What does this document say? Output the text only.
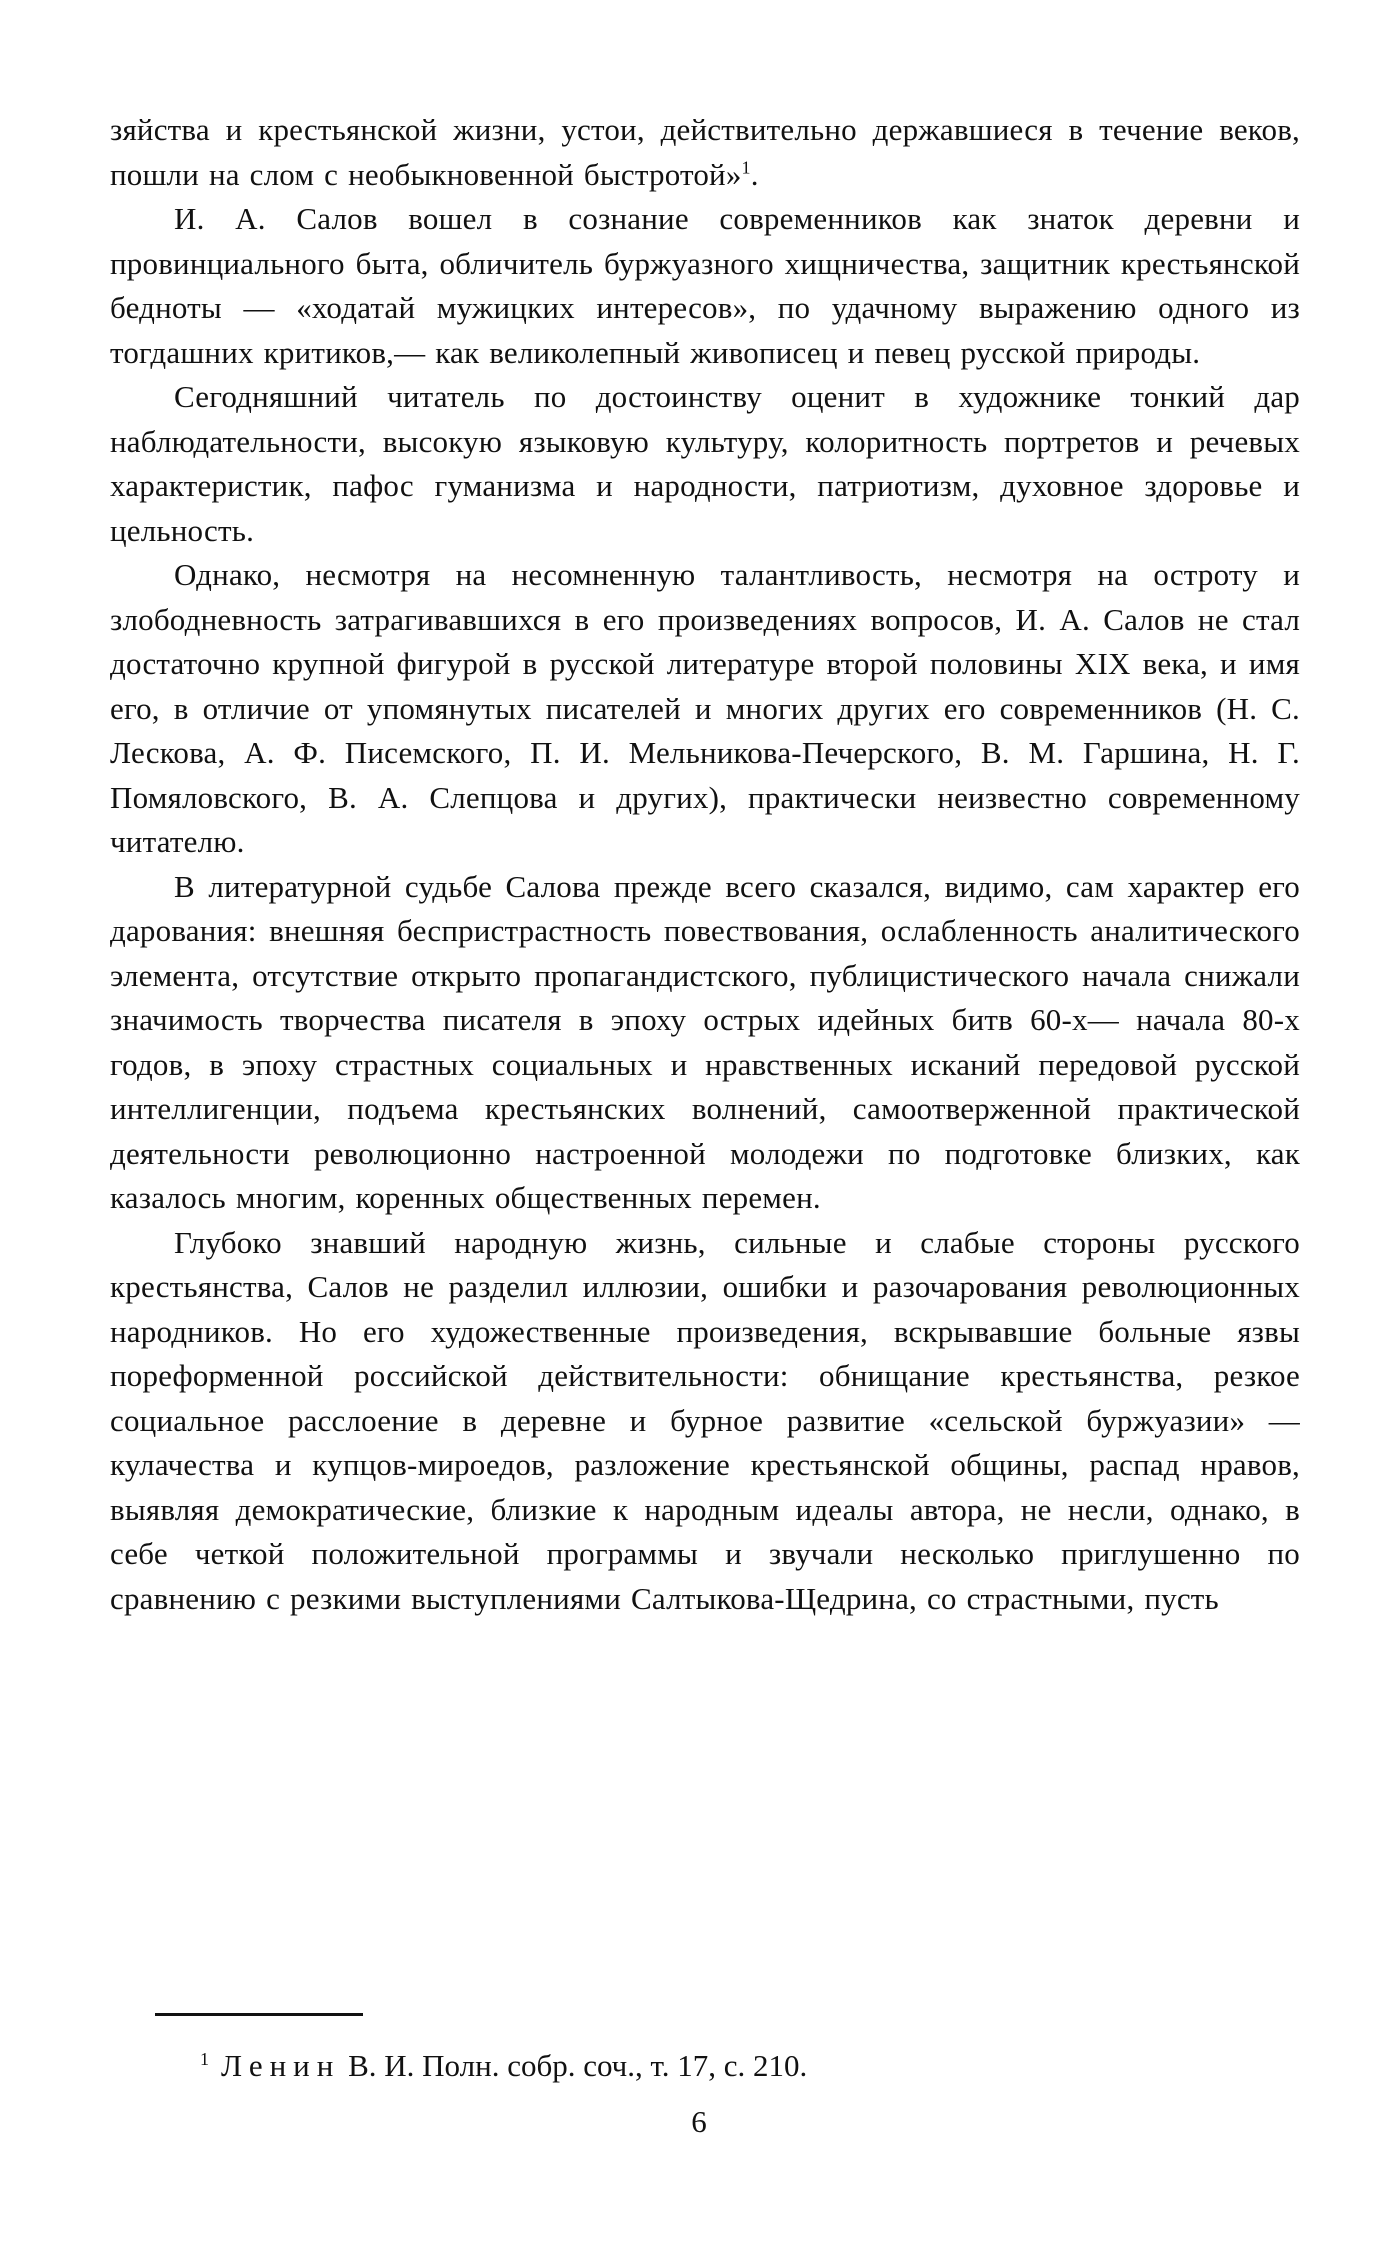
зяйства и крестьянской жизни, устои, действительно державшиеся в течение веков, пошли на слом с необыкновенной быстротой»$^1$.

И. А. Салов вошел в сознание современников как знаток деревни и провинциального быта, обличитель буржуазного хищничества, защитник крестьянской бедноты — «ходатай мужицких интересов», по удачному выражению одного из тогдашних критиков,— как великолепный живописец и певец русской природы.

Сегодняшний читатель по достоинству оценит в художнике тонкий дар наблюдательности, высокую языковую культуру, колоритность портретов и речевых характеристик, пафос гуманизма и народности, патриотизм, духовное здоровье и цельность.

Однако, несмотря на несомненную талантливость, несмотря на остроту и злободневность затрагивавшихся в его произведениях вопросов, И. А. Салов не стал достаточно крупной фигурой в русской литературе второй половины XIX века, и имя его, в отличие от упомянутых писателей и многих других его современников (Н. С. Лескова, А. Ф. Писемского, П. И. Мельникова-Печерского, В. М. Гаршина, Н. Г. Помяловского, В. А. Слепцова и других), практически неизвестно современному читателю.

В литературной судьбе Салова прежде всего сказался, видимо, сам характер его дарования: внешняя беспристрастность повествования, ослабленность аналитического элемента, отсутствие открыто пропагандистского, публицистического начала снижали значимость творчества писателя в эпоху острых идейных битв 60-х— начала 80-х годов, в эпоху страстных социальных и нравственных исканий передовой русской интеллигенции, подъема крестьянских волнений, самоотверженной практической деятельности революционно настроенной молодежи по подготовке близких, как казалось многим, коренных общественных перемен.

Глубоко знавший народную жизнь, сильные и слабые стороны русского крестьянства, Салов не разделил иллюзии, ошибки и разочарования революционных народников. Но его художественные произведения, вскрывавшие больные язвы пореформенной российской действительности: обнищание крестьянства, резкое социальное расслоение в деревне и бурное развитие «сельской буржуазии» — кулачества и купцов-мироедов, разложение крестьянской общины, распад нравов, выявляя демократические, близкие к народным идеалы автора, не несли, однако, в себе четкой положительной программы и звучали несколько приглушенно по сравнению с резкими выступлениями Салтыкова-Щедрина, со страстными, пусть

$^1$ Ленин В. И. Полн. собр. соч., т. 17, с. 210.
6
